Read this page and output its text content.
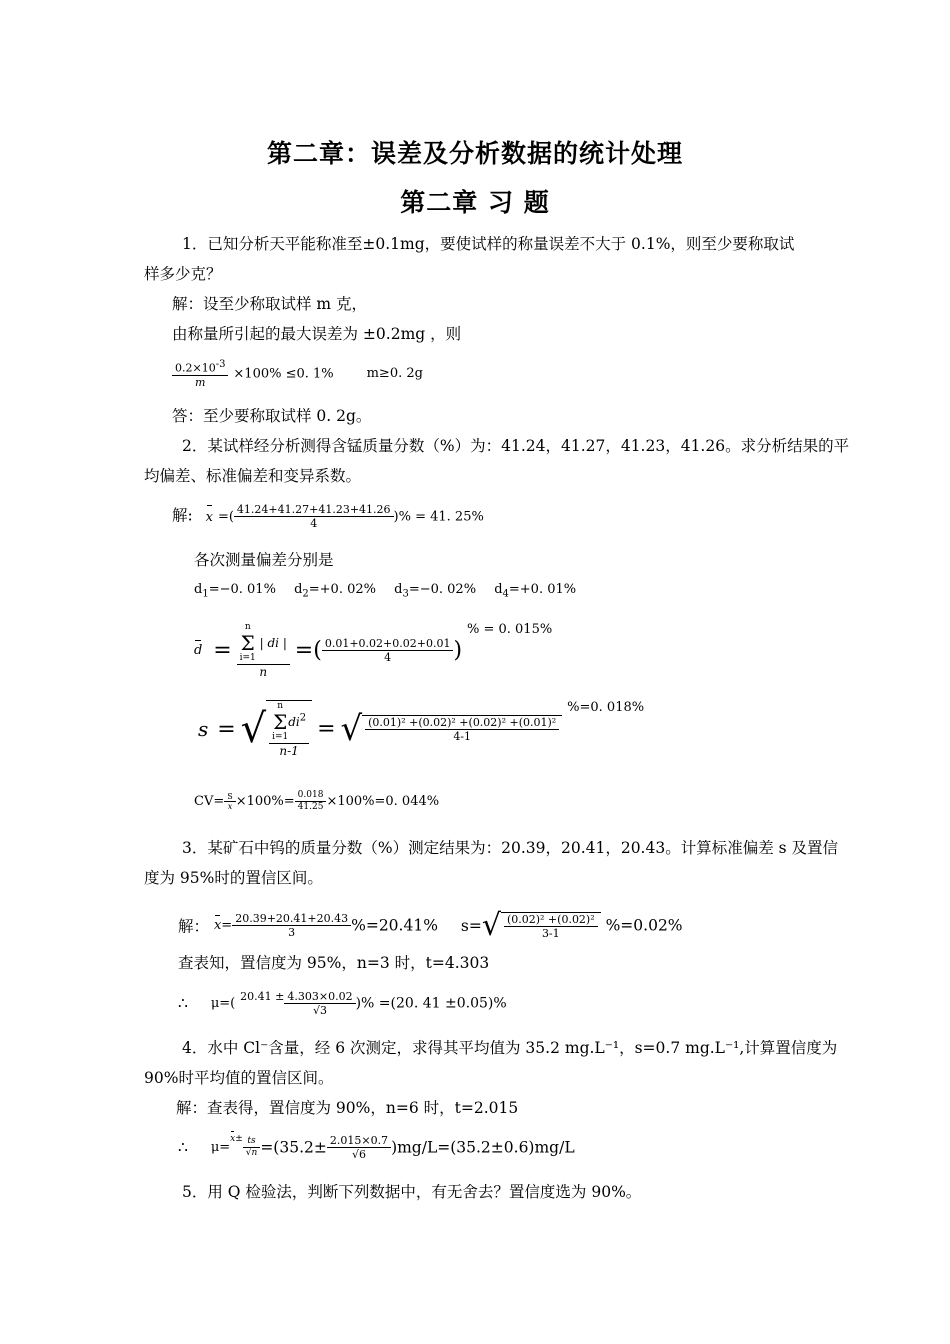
第二章：误差及分析数据的统计处理
第二章 习 题
1．已知分析天平能称准至±0.1mg，要使试样的称量误差不大于 0.1%，则至少要称取试
样多少克？
解：设至少称取试样 m 克，
由称量所引起的最大误差为 ±0.2mg ，则
$\frac{0.2\times 10^{-3}}{m} \times 100\% \le 0$. 1%	m≥0. 2g
答：至少要称取试样 0. 2g。
2．某试样经分析测得含锰质量分数（%）为：41.24，41.27，41.23，41.26。求分析结果的平
均偏差、标准偏差和变异系数。
解: x =( $\frac{41.24+41.27+41.23+41.26}{4}$ )% = 41. 25%
各次测量偏差分别是
$d_1=-0$. 01% $d_2=+0$. 02% $d_3=-0$. 02% $d_4=+0$. 01%
d = n
Σ
i=1
| di |
n =( $\frac{0.01+0.02+0.02+0.01}{4}$ ) $^{\% = 0. 015\%}$
s = √ n
Σ
i=1
$di^2$
n-1 = √ $\frac{\text{(0.01)² +(0.02)² +(0.02)² +(0.01)²}}{4-1}$
$^{\%=0. 018\%}$
$CV= \frac{S}{x} \times 100\%= \frac{0.018}{41.25} \times 100\%=0$. 044%
3．某矿石中钨的质量分数（%）测定结果为：20.39，20.41，20.43。计算标准偏差 s 及置信
度为 95%时的置信区间。
解： $x= \frac{20.39+20.41+20.43}{3} \%=20.41\%$ $s=√ \frac{\text{(0.02)² +(0.02)²}}{3-1} \%=0.02\%$
查表知，置信度为 95%，n=3 时，t=4.303
∴ μ=( $^{20.41 \pm} \frac{4.303\times 0.02}{√3}$ )% =(20. 41 ±0.05)%
4．水中 Cl⁻含量，经 6 次测定，求得其平均值为 35.2 mg.L⁻¹，s=0.7 mg.L⁻¹,计算置信度为
90%时平均值的置信区间。
解：查表得，置信度为 90%，n=6 时，t=2.015
∴ $\mu=x^\pm \frac{ts}{√n} =(35.2\pm \frac{2.015\times 0.7}{√6} )mg/L=(35.2\pm 0.6)mg/L$
5．用 Q 检验法，判断下列数据中，有无舍去？置信度选为 90%。
